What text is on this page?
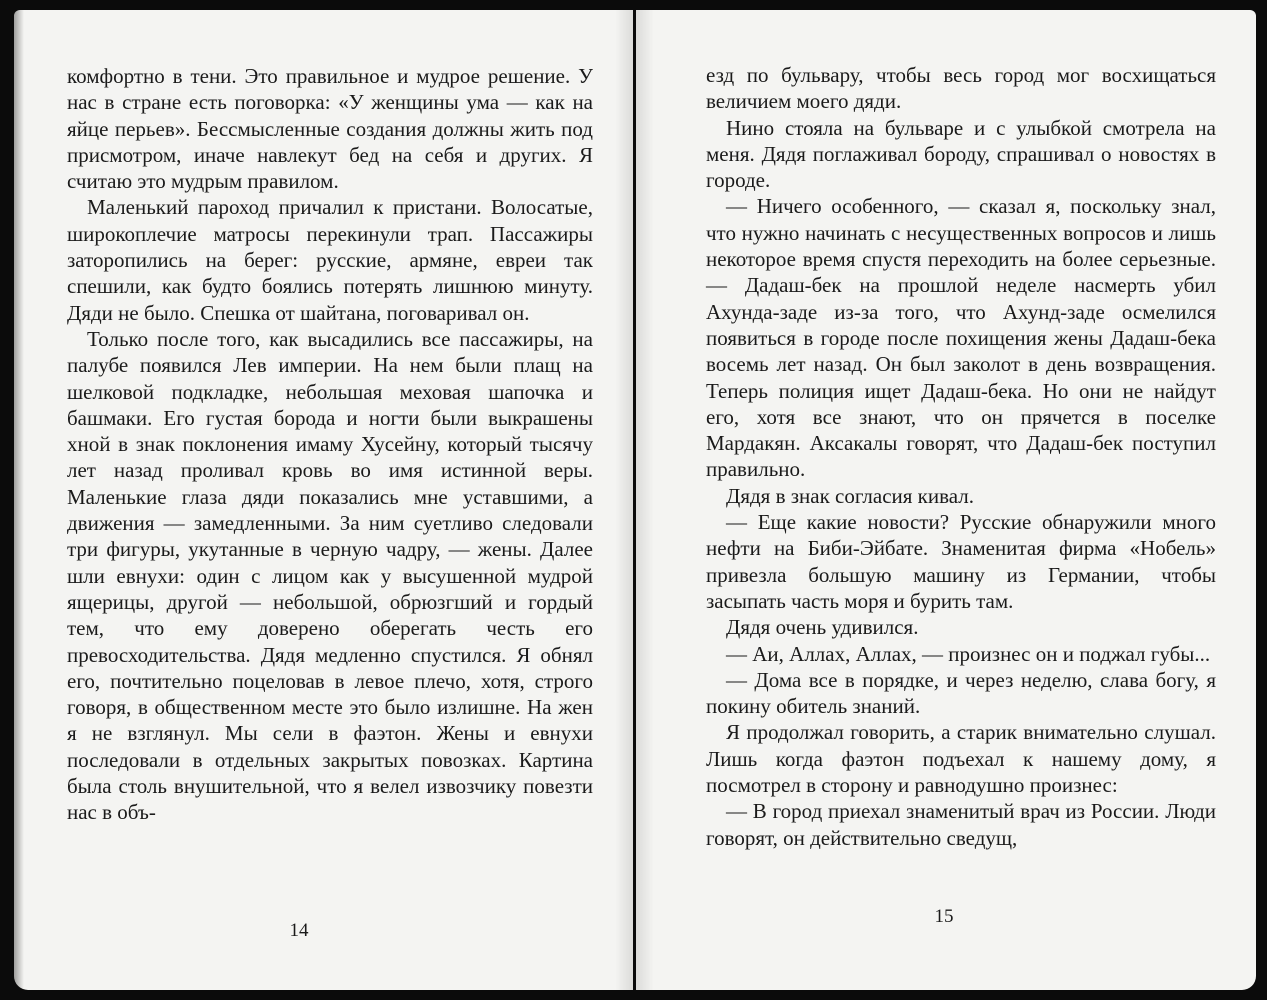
комфортно в тени. Это правильное и мудрое решение. У нас в стране есть поговорка: «У женщины ума — как на яйце перьев». Бессмысленные создания должны жить под присмотром, иначе навлекут бед на себя и других. Я считаю это мудрым правилом.

Маленький пароход причалил к пристани. Волосатые, широкоплечие матросы перекинули трап. Пассажиры заторопились на берег: русские, армяне, евреи так спешили, как будто боялись потерять лишнюю минуту. Дяди не было. Спешка от шайтана, поговаривал он.

Только после того, как высадились все пассажиры, на палубе появился Лев империи. На нем были плащ на шелковой подкладке, небольшая меховая шапочка и башмаки. Его густая борода и ногти были выкрашены хной в знак поклонения имаму Хусейну, который тысячу лет назад проливал кровь во имя истинной веры. Маленькие глаза дяди показались мне уставшими, а движения — замедленными. За ним суетливо следовали три фигуры, укутанные в черную чадру, — жены. Далее шли евнухи: один с лицом как у высушенной мудрой ящерицы, другой — небольшой, обрюзгший и гордый тем, что ему доверено оберегать честь его превосходительства. Дядя медленно спустился. Я обнял его, почтительно поцеловав в левое плечо, хотя, строго говоря, в общественном месте это было излишне. На жен я не взглянул. Мы сели в фаэтон. Жены и евнухи последовали в отдельных закрытых повозках. Картина была столь внушительной, что я велел извозчику повезти нас в объ-

14

езд по бульвару, чтобы весь город мог восхищаться величием моего дяди.

Нино стояла на бульваре и с улыбкой смотрела на меня. Дядя поглаживал бороду, спрашивал о новостях в городе.

— Ничего особенного, — сказал я, поскольку знал, что нужно начинать с несущественных вопросов и лишь некоторое время спустя переходить на более серьезные. — Дадаш-бек на прошлой неделе насмерть убил Ахунда-заде из-за того, что Ахунд-заде осмелился появиться в городе после похищения жены Дадаш-бека восемь лет назад. Он был заколот в день возвращения. Теперь полиция ищет Дадаш-бека. Но они не найдут его, хотя все знают, что он прячется в поселке Мардакян. Аксакалы говорят, что Дадаш-бек поступил правильно.

Дядя в знак согласия кивал.

— Еще какие новости? Русские обнаружили много нефти на Биби-Эйбате. Знаменитая фирма «Нобель» привезла большую машину из Германии, чтобы засыпать часть моря и бурить там.

Дядя очень удивился.

— Аи, Аллах, Аллах, — произнес он и поджал губы...

— Дома все в порядке, и через неделю, слава богу, я покину обитель знаний.

Я продолжал говорить, а старик внимательно слушал. Лишь когда фаэтон подъехал к нашему дому, я посмотрел в сторону и равнодушно произнес:

— В город приехал знаменитый врач из России. Люди говорят, он действительно сведущ,

15
